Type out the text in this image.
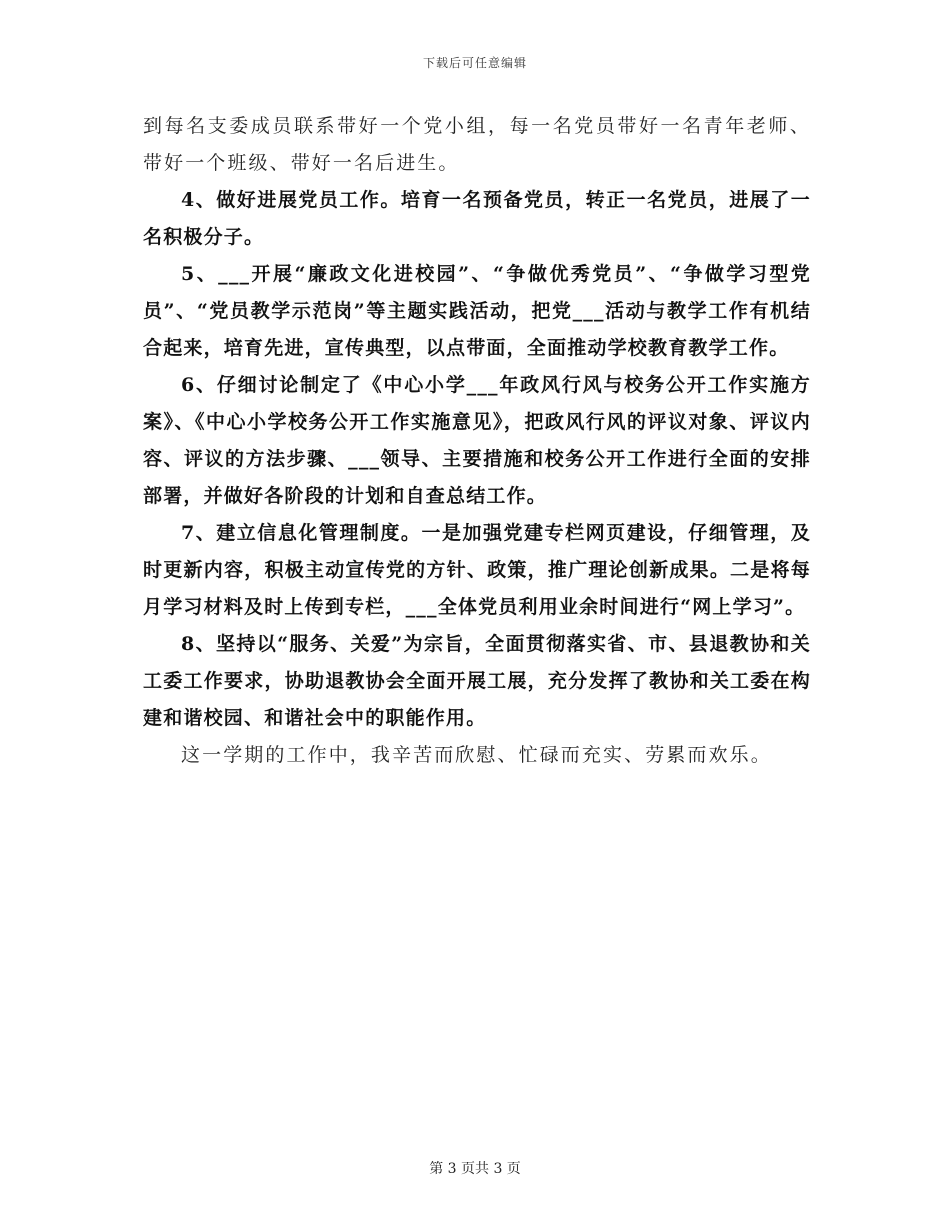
下载后可任意编辑

到每名支委成员联系带好一个党小组，每一名党员带好一名青年老师、带好一个班级、带好一名后进生。

4、做好进展党员工作。培育一名预备党员，转正一名党员，进展了一名积极分子。

5、___开展“廉政文化进校园”、“争做优秀党员”、“争做学习型党员”、“党员教学示范岗”等主题实践活动，把党___活动与教学工作有机结合起来，培育先进，宣传典型，以点带面，全面推动学校教育教学工作。

6、仔细讨论制定了《中心小学___年政风行风与校务公开工作实施方案》、《中心小学校务公开工作实施意见》，把政风行风的评议对象、评议内容、评议的方法步骤、___领导、主要措施和校务公开工作进行全面的安排部署，并做好各阶段的计划和自查总结工作。

7、建立信息化管理制度。一是加强党建专栏网页建设，仔细管理，及时更新内容，积极主动宣传党的方针、政策，推广理论创新成果。二是将每月学习材料及时上传到专栏，___全体党员利用业余时间进行“网上学习”。

8、坚持以“服务、关爱”为宗旨，全面贯彻落实省、市、县退教协和关工委工作要求，协助退教协会全面开展工展，充分发挥了教协和关工委在构建和谐校园、和谐社会中的职能作用。

这一学期的工作中，我辛苦而欣慰、忙碌而充实、劳累而欢乐。

第 3 页共 3 页
